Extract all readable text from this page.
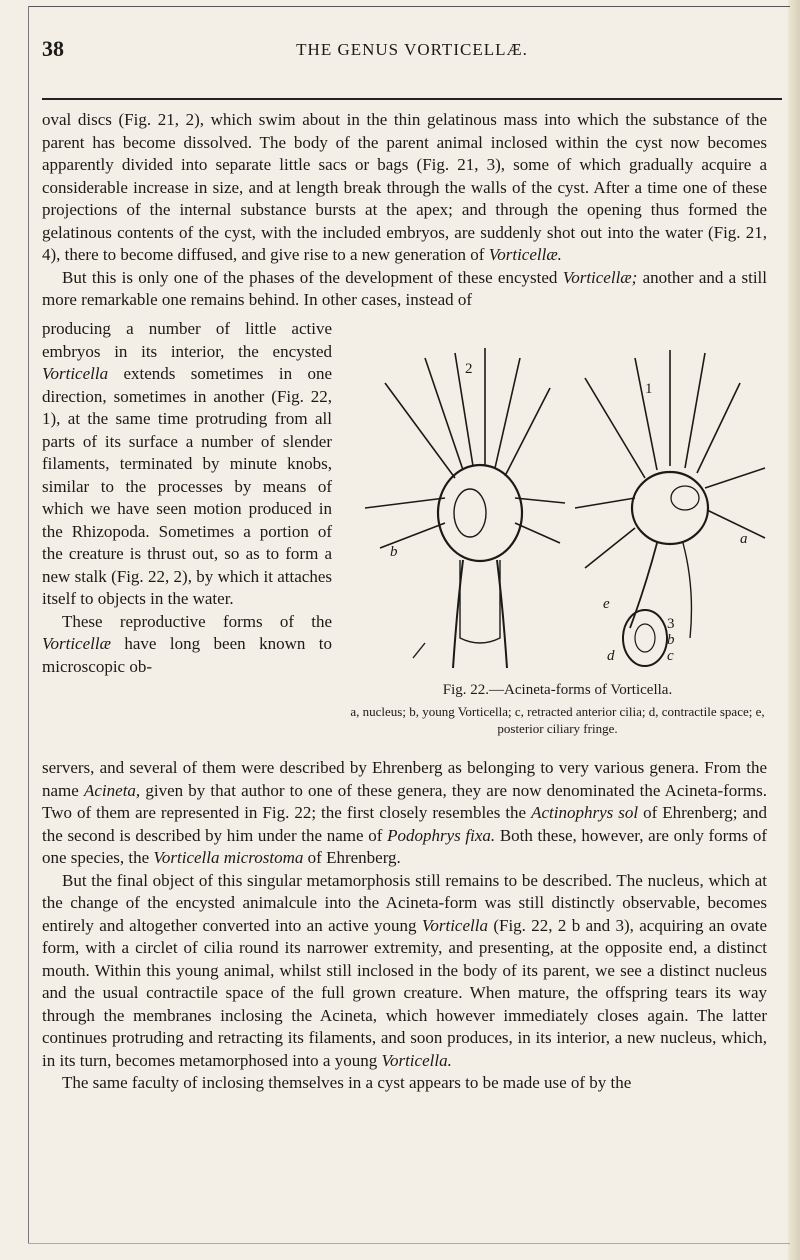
38	THE GENUS VORTICELLÆ.

oval discs (Fig. 21, 2), which swim about in the thin gelatinous mass into which the substance of the parent has become dissolved. The body of the parent animal inclosed within the cyst now becomes apparently divided into separate little sacs or bags (Fig. 21, 3), some of which gradually acquire a considerable increase in size, and at length break through the walls of the cyst. After a time one of these projections of the internal substance bursts at the apex; and through the opening thus formed the gelatinous contents of the cyst, with the included embryos, are suddenly shot out into the water (Fig. 21, 4), there to become diffused, and give rise to a new generation of Vorticellæ.
But this is only one of the phases of the development of these encysted Vorticellæ; another and a still more remarkable one remains behind. In other cases, instead of

producing a number of little active embryos in its interior, the encysted Vorticella extends sometimes in one direction, sometimes in another (Fig. 22, 1), at the same time protruding from all parts of its surface a number of slender filaments, terminated by minute knobs, similar to the processes by means of which we have seen motion produced in the Rhizopoda. Sometimes a portion of the creature is thrust out, so as to form a new stalk (Fig. 22, 2), by which it attaches itself to objects in the water.
These reproductive forms of the Vorticellæ have long been known to microscopic ob-

2
1
b
a
e
3
b
c
d
Fig. 22.—Acineta-forms of Vorticella.
a, nucleus; b, young Vorticella; c, retracted anterior cilia; d, contractile space; e, posterior ciliary fringe.

servers, and several of them were described by Ehrenberg as belonging to very various genera. From the name Acineta, given by that author to one of these genera, they are now denominated the Acineta-forms. Two of them are represented in Fig. 22; the first closely resembles the Actinophrys sol of Ehrenberg; and the second is described by him under the name of Podophrys fixa. Both these, however, are only forms of one species, the Vorticella microstoma of Ehrenberg.
But the final object of this singular metamorphosis still remains to be described. The nucleus, which at the change of the encysted animalcule into the Acineta-form was still distinctly observable, becomes entirely and altogether converted into an active young Vorticella (Fig. 22, 2 b and 3), acquiring an ovate form, with a circlet of cilia round its narrower extremity, and presenting, at the opposite end, a distinct mouth. Within this young animal, whilst still inclosed in the body of its parent, we see a distinct nucleus and the usual contractile space of the full grown creature. When mature, the offspring tears its way through the membranes inclosing the Acineta, which however immediately closes again. The latter continues protruding and retracting its filaments, and soon produces, in its interior, a new nucleus, which, in its turn, becomes metamorphosed into a young Vorticella.
The same faculty of inclosing themselves in a cyst appears to be made use of by the
